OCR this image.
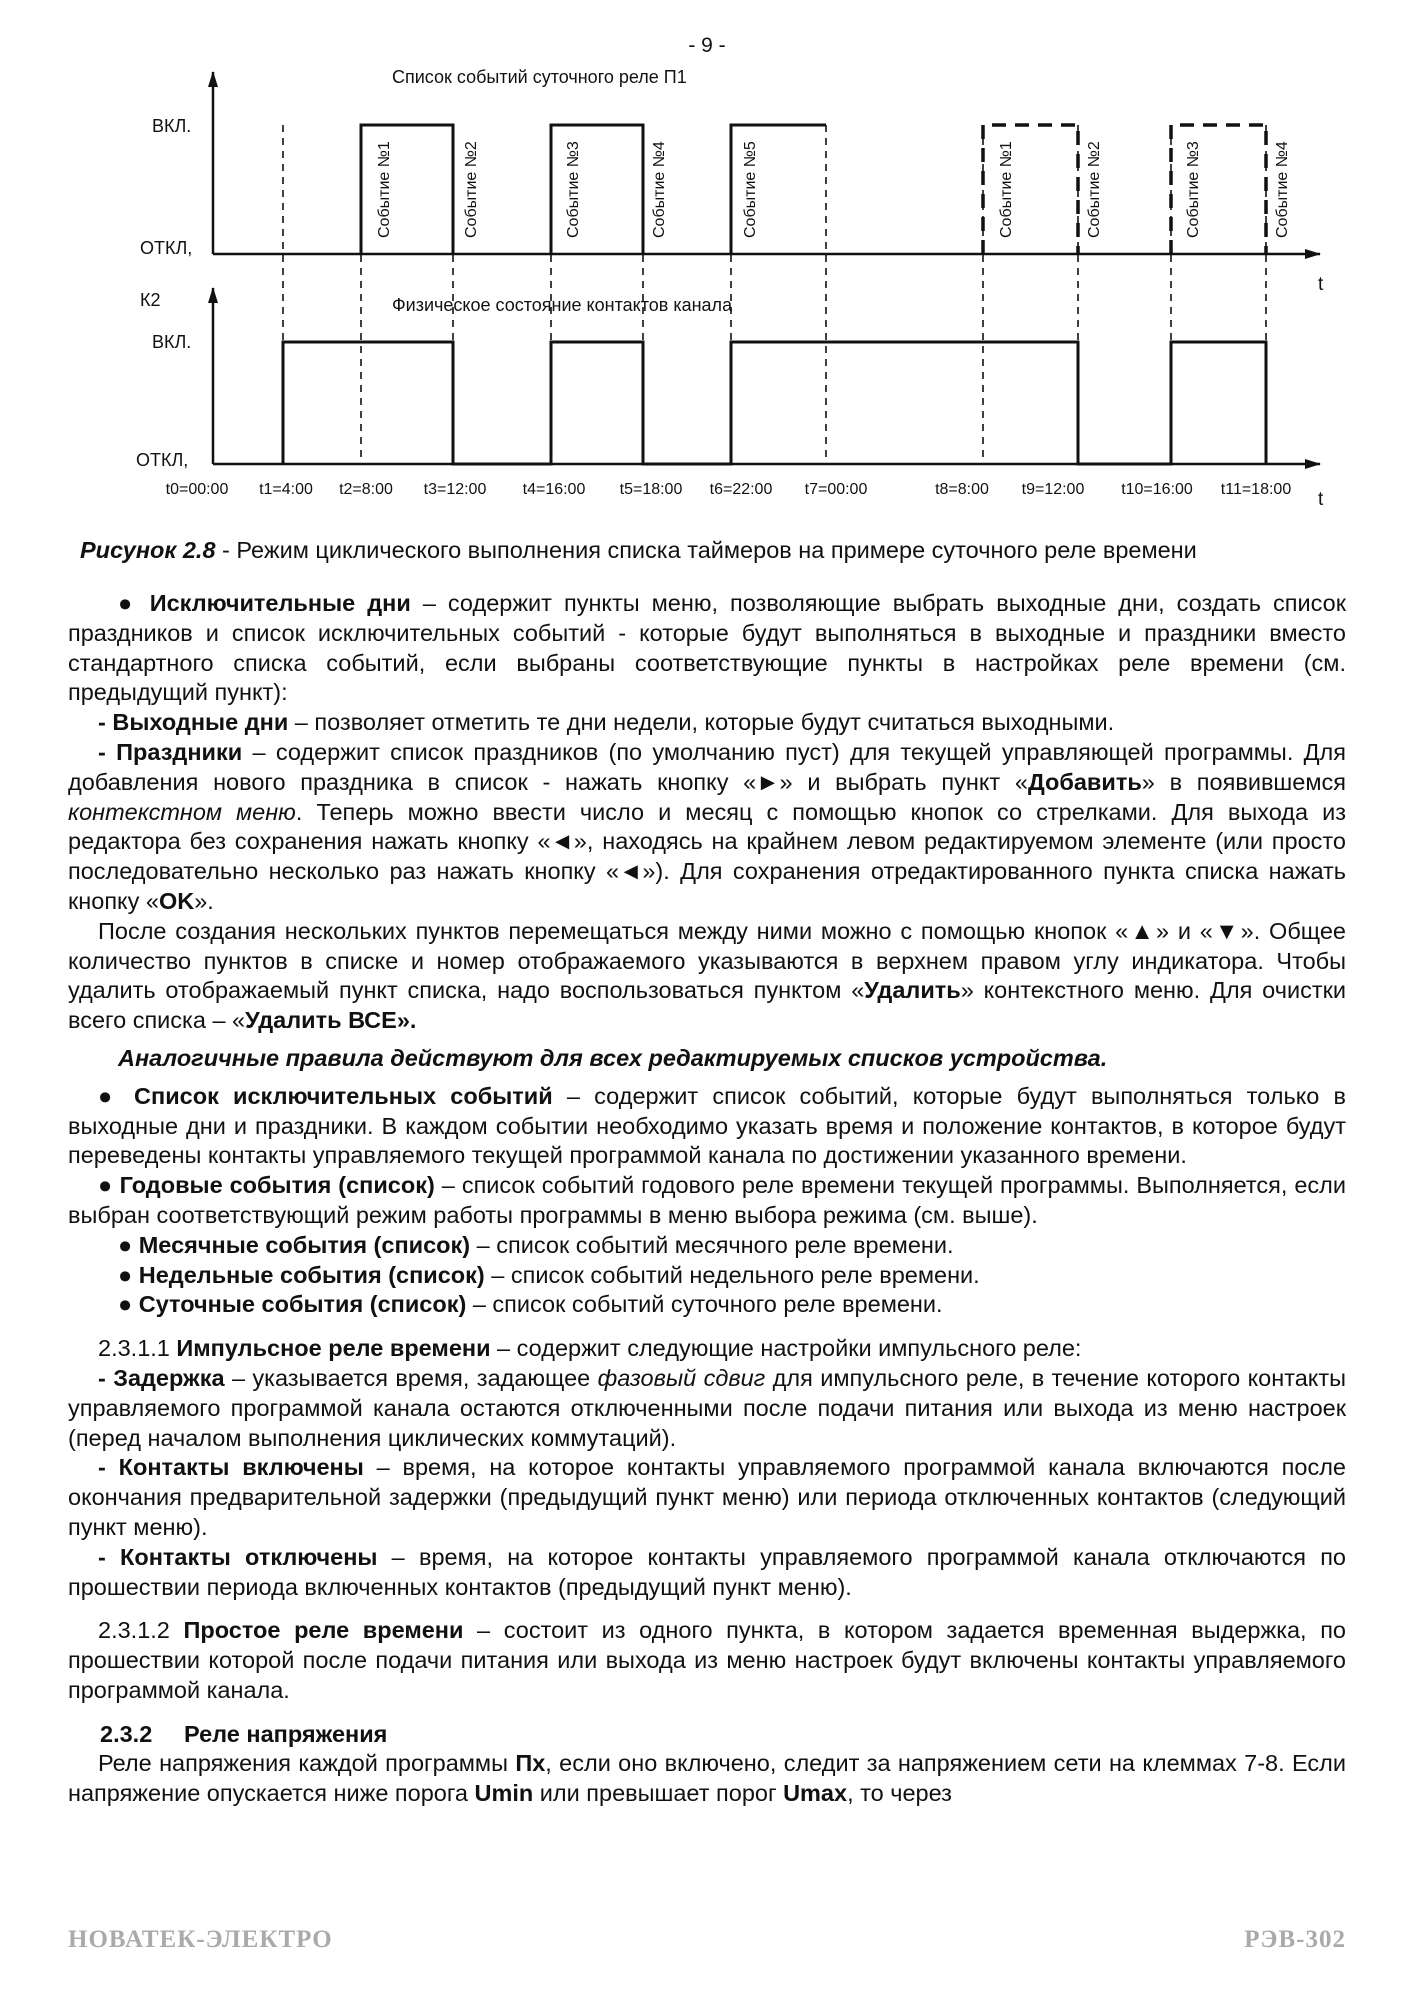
- 9 -
Список событий суточного реле П1
ВКЛ.
ОТКЛ,
t
К2	Физическое состояние контактов канала
ВКЛ.
ОТКЛ,
t
Событие №1	Событие №2	Событие №3	Событие №4	Событие №5	Событие №1	Событие №2	Событие №3	Событие №4
t0=00:00 t1=4:00 t2=8:00 t3=12:00 t4=16:00 t5=18:00 t6=22:00 t7=00:00	t8=8:00 t9=12:00 t10=16:00 t11=18:00
Рисунок 2.8 - Режим циклического выполнения списка таймеров на примере суточного реле времени

● Исключительные дни – содержит пункты меню, позволяющие выбрать выходные дни, создать список праздников и список исключительных событий - которые будут выполняться в выходные и праздники вместо стандартного списка событий, если выбраны соответствующие пункты в настройках реле времени (см. предыдущий пункт):

- Выходные дни – позволяет отметить те дни недели, которые будут считаться выходными.

- Праздники – содержит список праздников (по умолчанию пуст) для текущей управляющей программы. Для добавления нового праздника в список - нажать кнопку «►» и выбрать пункт «Добавить» в появившемся контекстном меню. Теперь можно ввести число и месяц с помощью кнопок со стрелками. Для выхода из редактора без сохранения нажать кнопку «◄», находясь на крайнем левом редактируемом элементе (или просто последовательно несколько раз нажать кнопку «◄»). Для сохранения отредактированного пункта списка нажать кнопку «OK».

После создания нескольких пунктов перемещаться между ними можно с помощью кнопок «▲» и «▼». Общее количество пунктов в списке и номер отображаемого указываются в верхнем правом углу индикатора. Чтобы удалить отображаемый пункт списка, надо воспользоваться пунктом «Удалить» контекстного меню. Для очистки всего списка – «Удалить ВСЕ».

Аналогичные правила действуют для всех редактируемых списков устройства.

● Список исключительных событий – содержит список событий, которые будут выполняться только в выходные дни и праздники. В каждом событии необходимо указать время и положение контактов, в которое будут переведены контакты управляемого текущей программой канала по достижении указанного времени.

● Годовые события (список) – список событий годового реле времени текущей программы. Выполняется, если выбран соответствующий режим работы программы в меню выбора режима (см. выше).

● Месячные события (список) – список событий месячного реле времени.

● Недельные события (список) – список событий недельного реле времени.

● Суточные события (список) – список событий суточного реле времени.

2.3.1.1 Импульсное реле времени – содержит следующие настройки импульсного реле:

- Задержка – указывается время, задающее фазовый сдвиг для импульсного реле, в течение которого контакты управляемого программой канала остаются отключенными после подачи питания или выхода из меню настроек (перед началом выполнения циклических коммутаций).

- Контакты включены – время, на которое контакты управляемого программой канала включаются после окончания предварительной задержки (предыдущий пункт меню) или периода отключенных контактов (следующий пункт меню).

- Контакты отключены – время, на которое контакты управляемого программой канала отключаются по прошествии периода включенных контактов (предыдущий пункт меню).

2.3.1.2 Простое реле времени – состоит из одного пункта, в котором задается временная выдержка, по прошествии которой после подачи питания или выхода из меню настроек будут включены контакты управляемого программой канала.

2.3.2 Реле напряжения

Реле напряжения каждой программы Пх, если оно включено, следит за напряжением сети на клеммах 7-8. Если напряжение опускается ниже порога Umin или превышает порог Umax, то через

НОВАТЕК-ЭЛЕКТРО	РЭВ-302
